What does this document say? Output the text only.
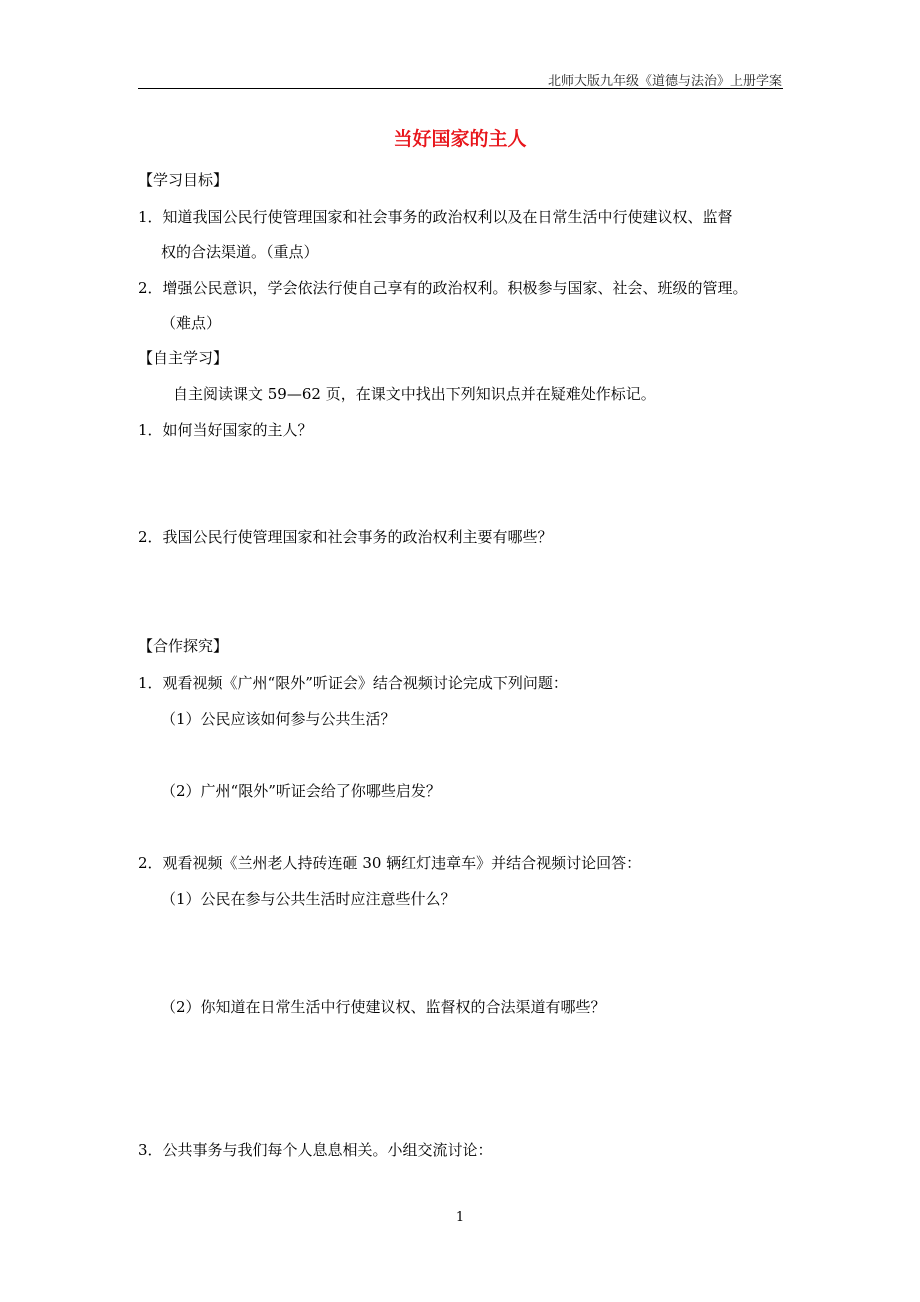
北师大版九年级《道德与法治》上册学案
当好国家的主人
【学习目标】
1．知道我国公民行使管理国家和社会事务的政治权利以及在日常生活中行使建议权、监督
权的合法渠道。（重点）
2．增强公民意识，学会依法行使自己享有的政治权利。积极参与国家、社会、班级的管理。
（难点）
【自主学习】
自主阅读课文 59—62 页，在课文中找出下列知识点并在疑难处作标记。
1．如何当好国家的主人？
2．我国公民行使管理国家和社会事务的政治权利主要有哪些？
【合作探究】
1．观看视频《广州“限外”听证会》结合视频讨论完成下列问题：
（1）公民应该如何参与公共生活？
（2）广州“限外”听证会给了你哪些启发？
2．观看视频《兰州老人持砖连砸 30 辆红灯违章车》并结合视频讨论回答：
（1）公民在参与公共生活时应注意些什么？
（2）你知道在日常生活中行使建议权、监督权的合法渠道有哪些？
3．公共事务与我们每个人息息相关。小组交流讨论：
1
